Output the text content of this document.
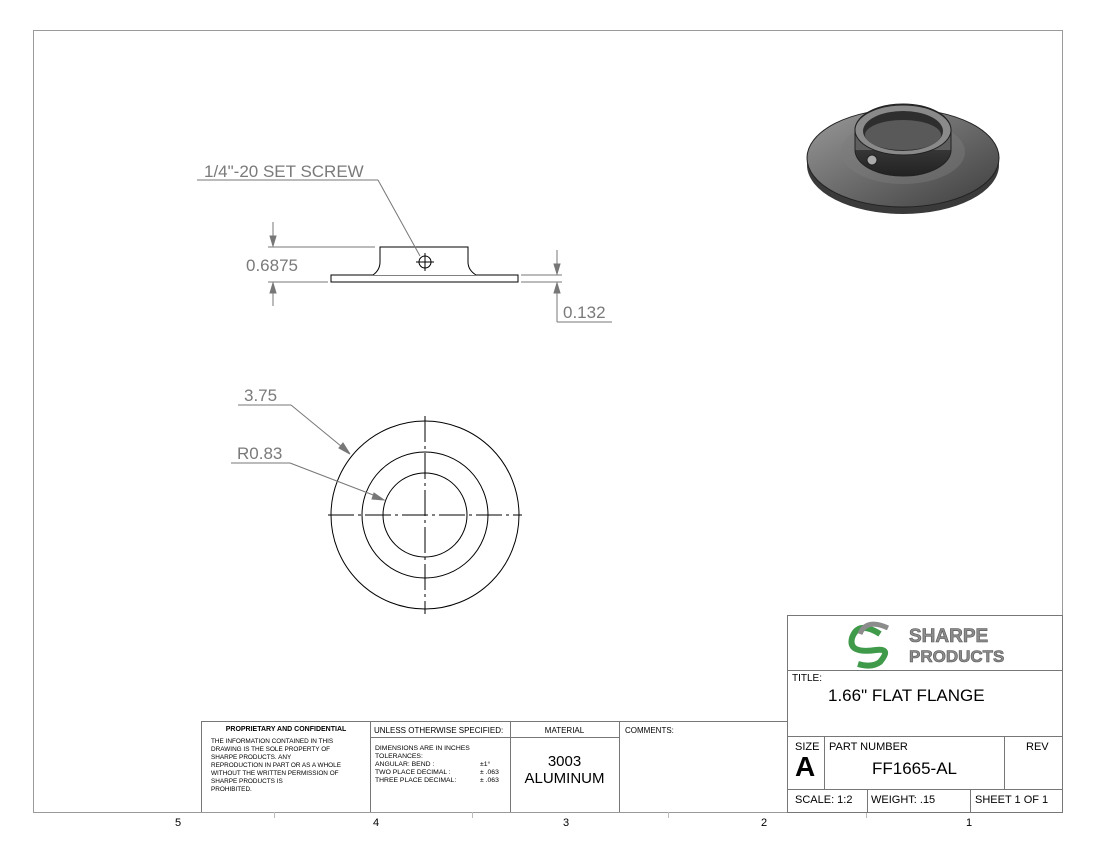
5	4	3	2	1
1/4"-20 SET SCREW
0.6875
0.132
3.75
R0.83
PROPRIETARY AND CONFIDENTIAL
THE INFORMATION CONTAINED IN THIS
DRAWING IS THE SOLE PROPERTY OF
SHARPE PRODUCTS. ANY
REPRODUCTION IN PART OR AS A WHOLE
WITHOUT THE WRITTEN PERMISSION OF
SHARPE PRODUCTS IS
PROHIBITED.
UNLESS OTHERWISE SPECIFIED:
DIMENSIONS ARE IN INCHES
TOLERANCES:
ANGULAR: BEND :	±1°
TWO PLACE DECIMAL :	± .063
THREE PLACE DECIMAL:	± .063
MATERIAL
3003
ALUMINUM
COMMENTS:
SHARPE
PRODUCTS
TITLE:
1.66" FLAT FLANGE
SIZE
A
PART NUMBER
FF1665-AL
REV
SCALE: 1:2	WEIGHT: .15	SHEET 1 OF 1
